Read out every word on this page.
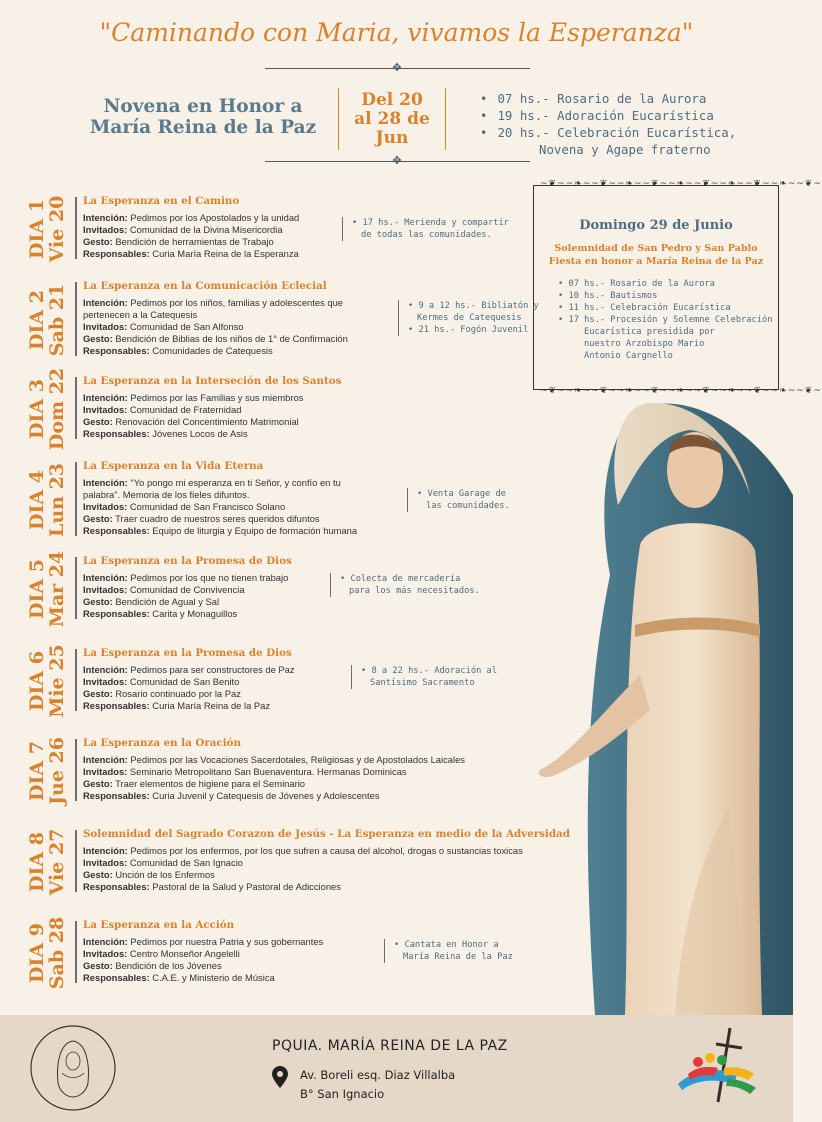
"Caminando con Maria, vivamos la Esperanza"
✥
Novena en Honor a
María Reina de la Paz
Del 20
al 28 de
Jun
• 07 hs.- Rosario de la Aurora
• 19 hs.- Adoración Eucarística
• 20 hs.- Celebración Eucarística,
Novena y Agape fraterno
✥
~❦~~❧~~❦~~❧~~❦~~❧~~❦~~❧~~❦~~❧~~❦~
~❦~~❧~~❦~~❧~~❦~~❧~~❦~~❧~~❦~~❧~~❦~
Domingo 29 de Junio
Solemnidad de San Pedro y San Pablo
Fiesta en honor a María Reina de la Paz
• 07 hs.- Rosario de la Aurora
• 10 hs.- Bautismos
• 11 hs.- Celebración Eucarística
• 17 hs.- Procesión y Solemne Celebración
Eucarística presidida por
nuestro Arzobispo Mario
Antonio Cargnello
PQUIA. MARÍA REINA DE LA PAZ
Av. Boreli esq. Diaz Villalba
B° San Ignacio
DIA 1
Vie 20 La Esperanza en el Camino
Intención: Pedimos por los Apostolados y la unidad
Invitados: Comunidad de la Divina Misericordia
Gesto: Bendición de herramientas de Trabajo
Responsables: Curia María Reina de la Esperanza
• 17 hs.- Merienda y compartir
de todas las comunidades.
DIA 2
Sab 21 La Esperanza en la Comunicación Eclecial
Intención: Pedimos por los niños, familias y adolescentes que
pertenecen a la Catequesis
Invitados: Comunidad de San Alfonso
Gesto: Bendición de Biblias de los niños de 1° de Confirmación
Responsables: Comunidades de Catequesis
• 9 a 12 hs.- Bibliatón y
Kermes de Catequesis
• 21 hs.- Fogón Juvenil
DIA 3
Dom 22 La Esperanza en la Interseción de los Santos
Intención: Pedimos por las Familias y sus miembros
Invitados: Comunidad de Fraternidad
Gesto: Renovación del Concentimiento Matrimonial
Responsables: Jóvenes Locos de Asis
DIA 4
Lun 23 La Esperanza en la Vida Eterna
Intención: "Yo pongo mi esperanza en ti Señor, y confío en tu
palabra". Memoria de los fieles difuntos.
Invitados: Comunidad de San Francisco Solano
Gesto: Traer cuadro de nuestros seres queridos difuntos
Responsables: Equipo de liturgia y Equipo de formación humana
• Venta Garage de
las comunidades.
DIA 5
Mar 24 La Esperanza en la Promesa de Dios
Intención: Pedimos por los que no tienen trabajo
Invitados: Comunidad de Convivencia
Gesto: Bendición de Agual y Sal
Responsables: Carita y Monaguillos
• Colecta de mercadería
para los más necesitados.
DIA 6
Mie 25 La Esperanza en la Promesa de Dios
Intención: Pedimos para ser constructores de Paz
Invitados: Comunidad de San Benito
Gesto: Rosario continuado por la Paz
Responsables: Curia María Reina de la Paz
• 8 a 22 hs.- Adoración al
Santísimo Sacramento
DIA 7
Jue 26 La Esperanza en la Oración
Intención: Pedimos por las Vocaciones Sacerdotales, Religiosas y de Apostolados Laicales
Invitados: Seminario Metropolitano San Buenaventura. Hermanas Dominicas
Gesto: Traer elementos de higiene para el Seminario
Responsables: Curia Juvenil y Catequesis de Jóvenes y Adolescentes
DIA 8
Vie 27 Solemnidad del Sagrado Corazon de Jesús - La Esperanza en medio de la Adversidad
Intención: Pedimos por los enfermos, por los que sufren a causa del alcohol, drogas o sustancias toxicas
Invitados: Comunidad de San Ignacio
Gesto: Unción de los Enfermos
Responsables: Pastoral de la Salud y Pastoral de Adicciones
DIA 9
Sab 28 La Esperanza en la Acción
Intención: Pedimos por nuestra Patria y sus gobernantes
Invitados: Centro Monseñor Angelelli
Gesto: Bendición de los Jóvenes
Responsables: C.A.E. y Ministerio de Música
• Cantata en Honor a
María Reina de la Paz
